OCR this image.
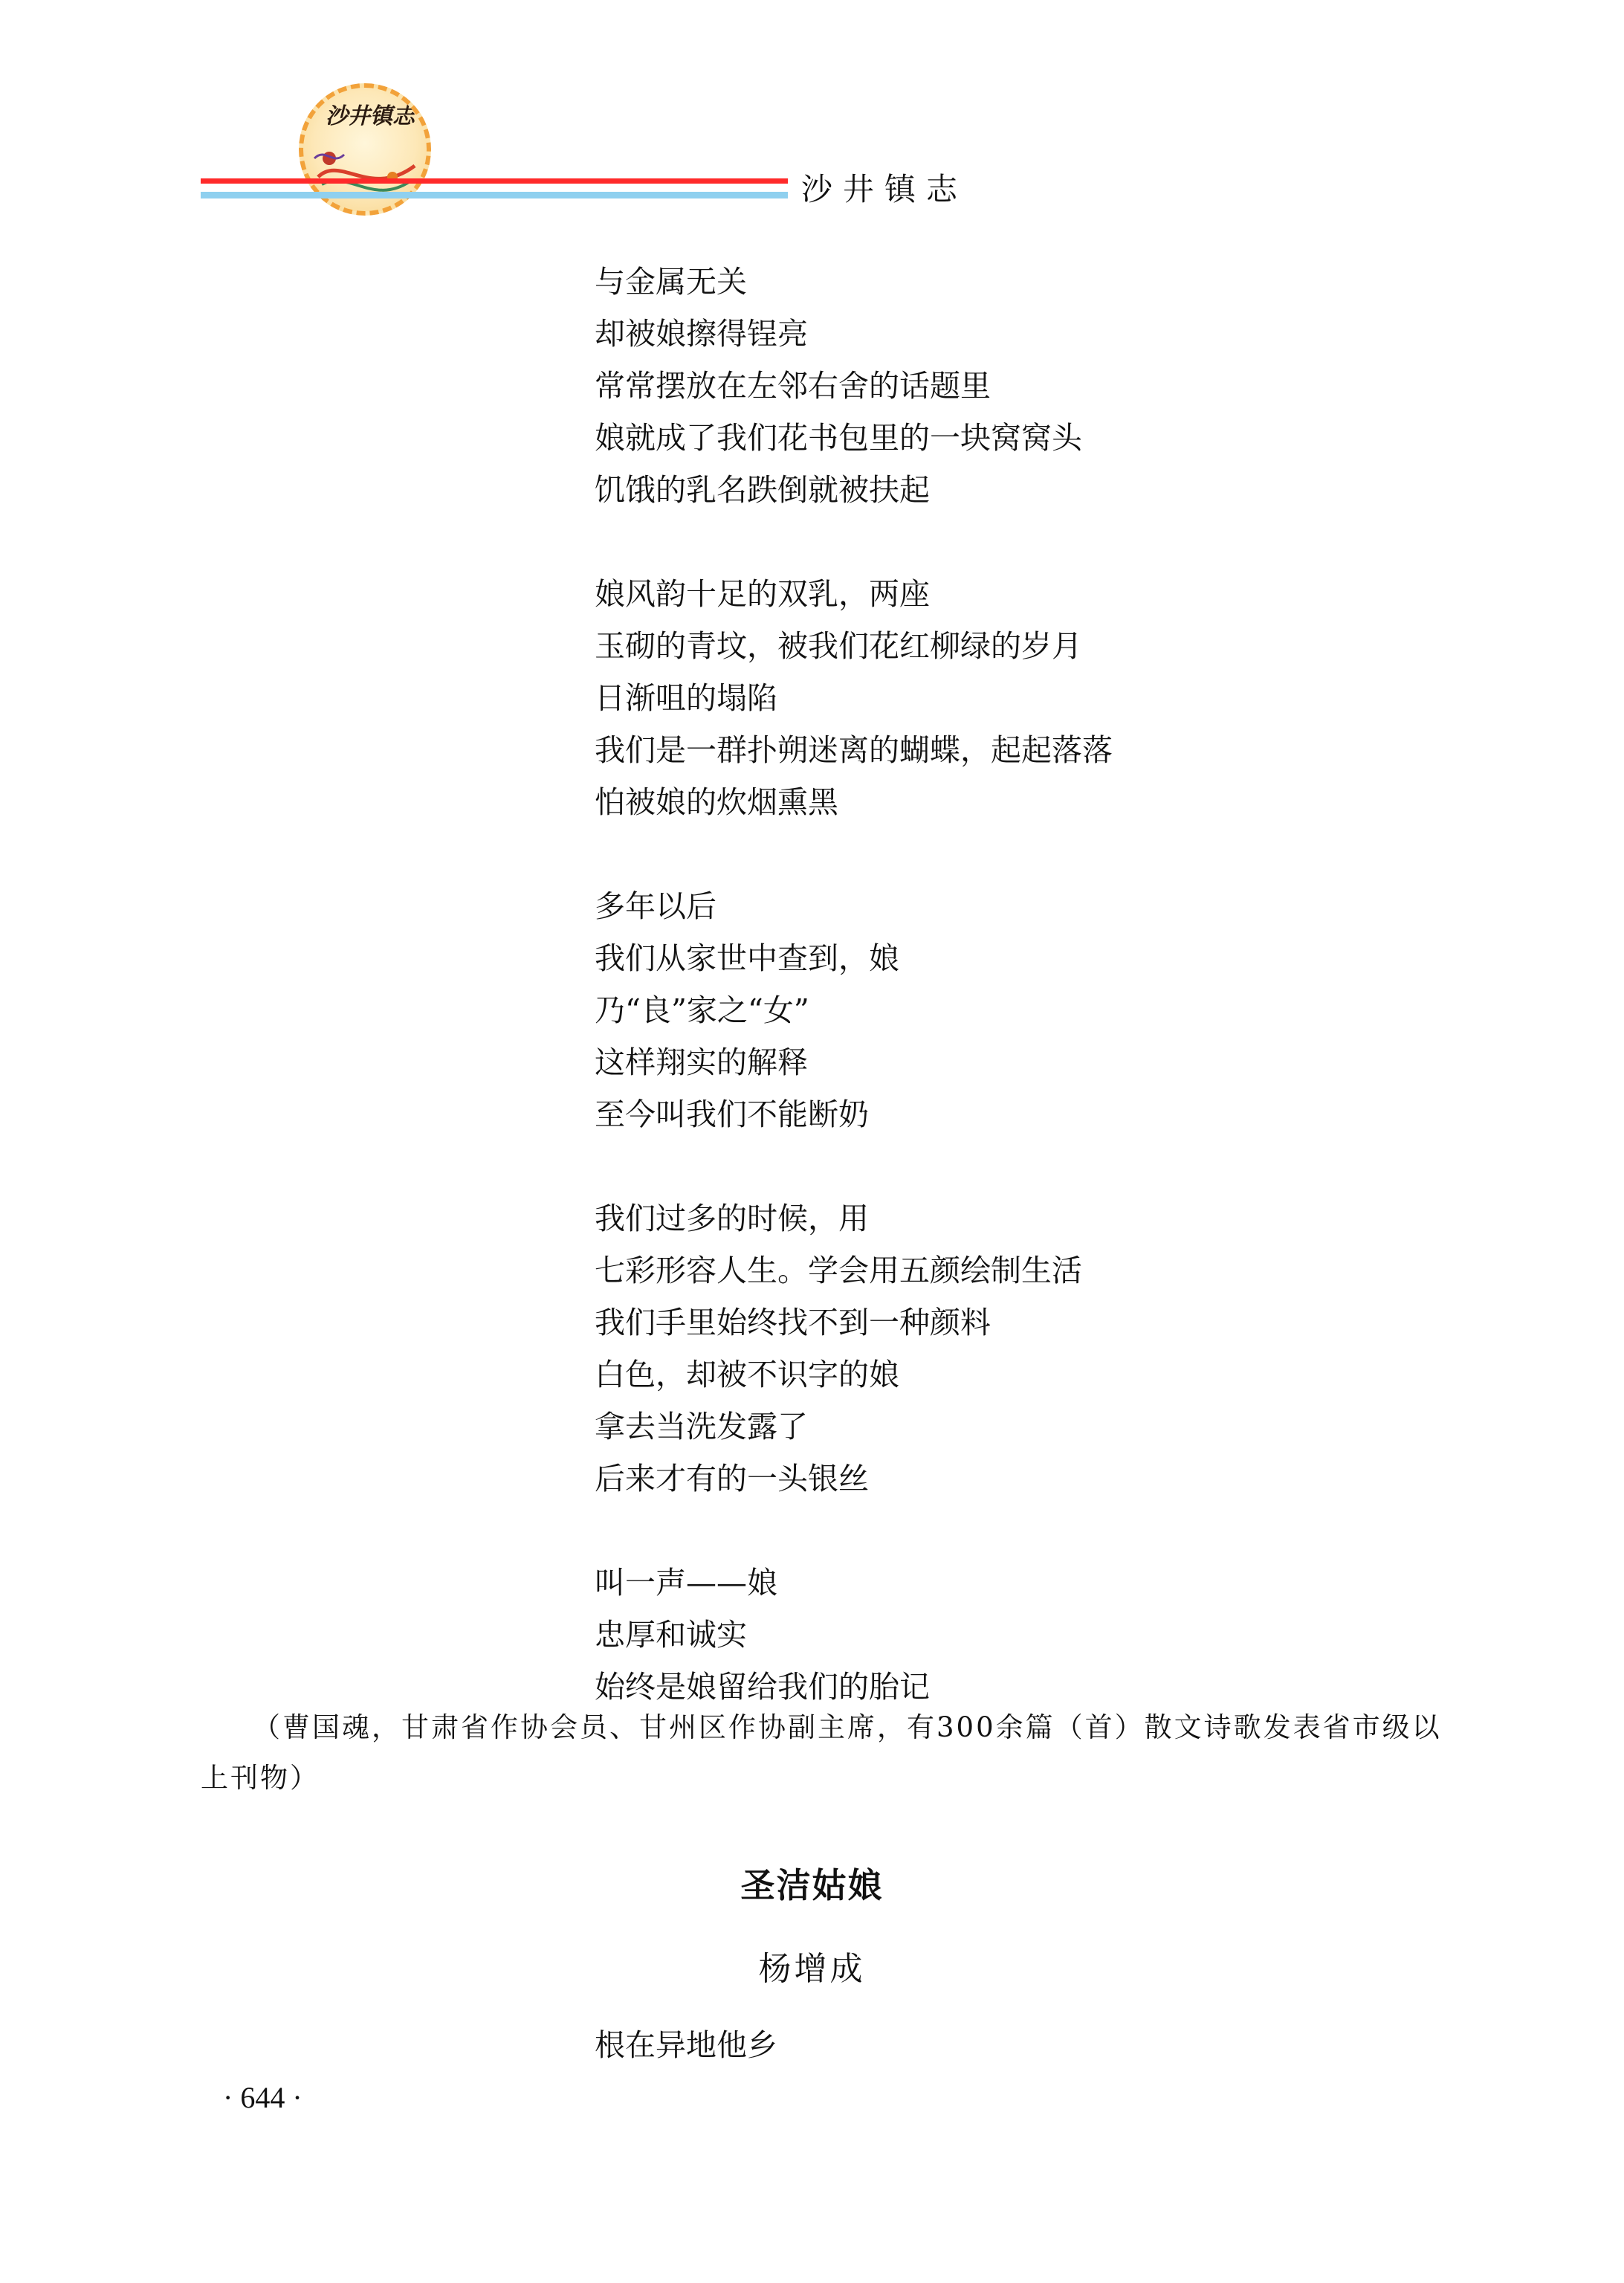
沙井镇志
沙井镇志
与金属无关
却被娘擦得锃亮
常常摆放在左邻右舍的话题里
娘就成了我们花书包里的一块窝窝头
饥饿的乳名跌倒就被扶起
娘风韵十足的双乳，两座
玉砌的青坟，被我们花红柳绿的岁月
日渐咀的塌陷
我们是一群扑朔迷离的蝴蝶，起起落落
怕被娘的炊烟熏黑
多年以后
我们从家世中查到，娘
乃“良”家之“女”
这样翔实的解释
至今叫我们不能断奶
我们过多的时候，用
七彩形容人生。学会用五颜绘制生活
我们手里始终找不到一种颜料
白色，却被不识字的娘
拿去当洗发露了
后来才有的一头银丝
叫一声——娘
忠厚和诚实
始终是娘留给我们的胎记
（曹国魂，甘肃省作协会员、甘州区作协副主席，有300余篇（首）散文诗歌发表省市级以上刊物）
圣洁姑娘
杨增成
根在异地他乡
· 644 ·
